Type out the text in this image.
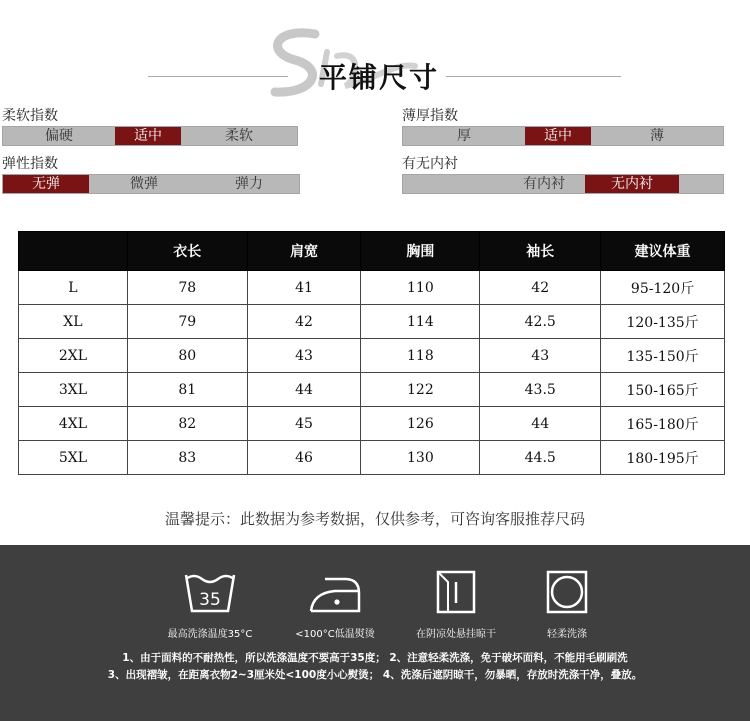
平铺尺寸
柔软指数
偏硬	适中	柔软
薄厚指数
厚	适中	薄
弹性指数
无弹	微弹	弹力
有无内衬
有内衬	无内衬
	衣长	肩宽	胸围	袖长	建议体重
L	78	41	110	42	95-120斤
XL	79	42	114	42.5	120-135斤
2XL	80	43	118	43	135-150斤
3XL	81	44	122	43.5	150-165斤
4XL	82	45	126	44	165-180斤
5XL	83	46	130	44.5	180-195斤
温馨提示：此数据为参考数据，仅供参考，可咨询客服推荐尺码
35
最高洗涤温度35°C	<100°C低温熨烫	在阴凉处悬挂晾干	轻柔洗涤
1、由于面料的不耐热性，所以洗涤温度不要高于35度； 2、注意轻柔洗涤，免于破坏面料，不能用毛刷刷洗
3、出现褶皱，在距离衣物2~3厘米处<100度小心熨烫； 4、洗涤后遮阴晾干，勿暴晒，存放时洗涤干净，叠放。
